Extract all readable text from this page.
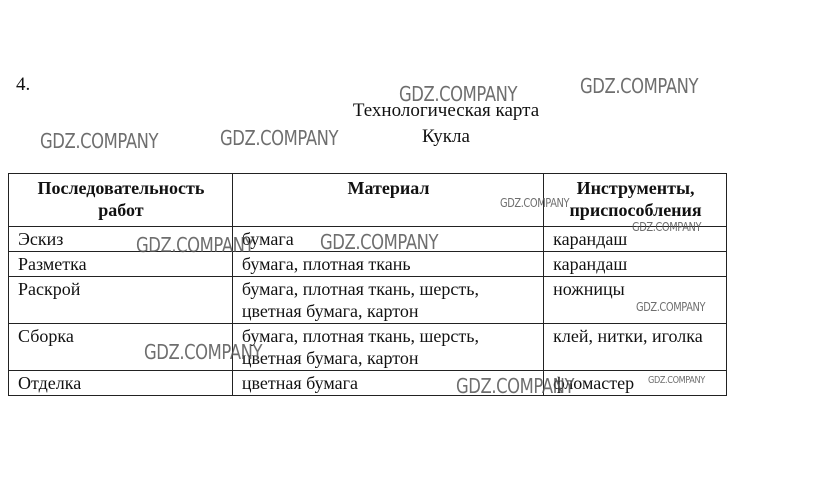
4.
Технологическая карта
Кукла
Последовательность работ	Материал	Инструменты, приспособления
Эскиз	бумага	карандаш
Разметка	бумага, плотная ткань	карандаш
Раскрой	бумага, плотная ткань, шерсть, цветная бумага, картон	ножницы
Сборка	бумага, плотная ткань, шерсть, цветная бумага, картон	клей, нитки, иголка
Отделка	цветная бумага	фломастер
GDZ.COMPANY	GDZ.COMPANY
GDZ.COMPANY	GDZ.COMPANY
GDZ.COMPANY
GDZ.COMPANY
GDZ.COMPANY	GDZ.COMPANY
GDZ.COMPANY
GDZ.COMPANY
GDZ.COMPANY	GDZ.COMPANY
